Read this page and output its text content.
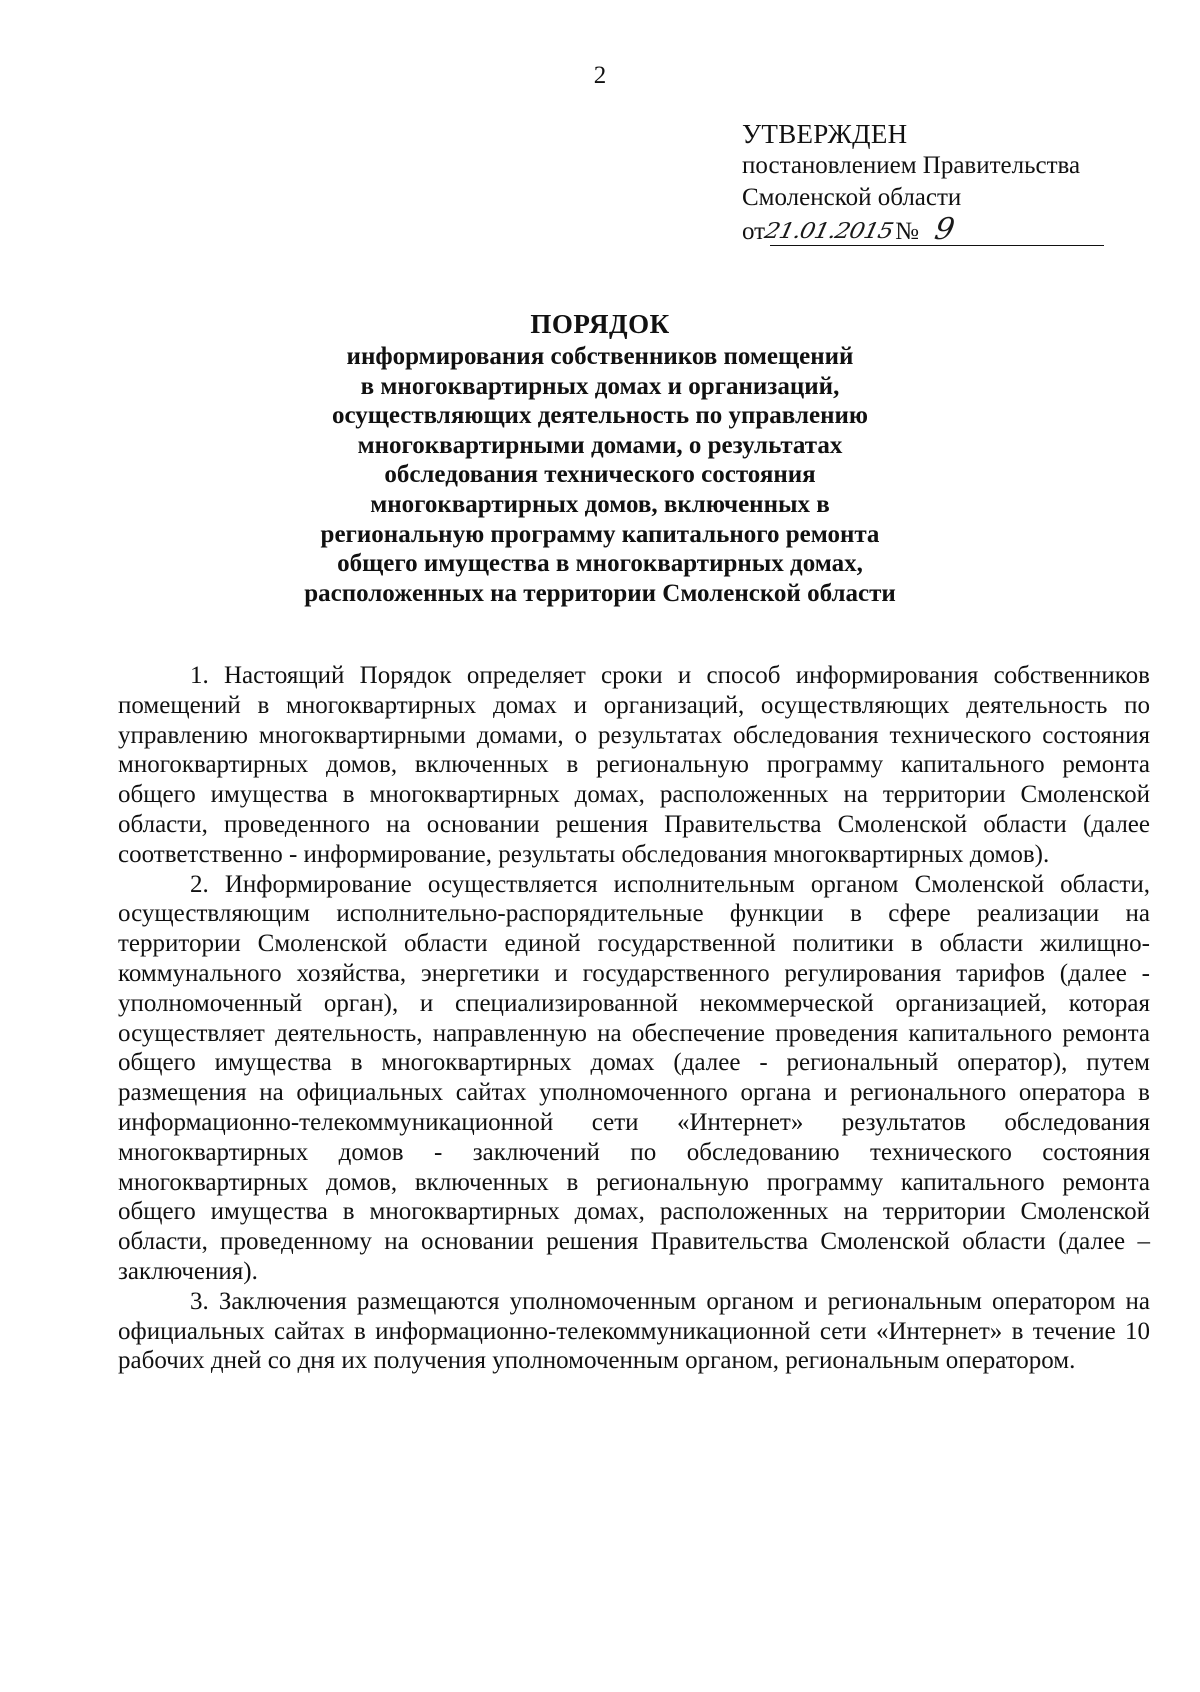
2
УТВЕРЖДЕН
постановлением Правительства
Смоленской области
от21.01.2015№ 9
ПОРЯДОК
информирования собственников помещений
в многоквартирных домах и организаций,
осуществляющих деятельность по управлению
многоквартирными домами, о результатах
обследования технического состояния
многоквартирных домов, включенных в
региональную программу капитального ремонта
общего имущества в многоквартирных домах,
расположенных на территории Смоленской области

1. Настоящий Порядок определяет сроки и способ информирования собственников помещений в многоквартирных домах и организаций, осуществляющих деятельность по управлению многоквартирными домами, о результатах обследования технического состояния многоквартирных домов, включенных в региональную программу капитального ремонта общего имущества в многоквартирных домах, расположенных на территории Смоленской области, проведенного на основании решения Правительства Смоленской области (далее соответственно - информирование, результаты обследования многоквартирных домов).

2. Информирование осуществляется исполнительным органом Смоленской области, осуществляющим исполнительно-распорядительные функции в сфере реализации на территории Смоленской области единой государственной политики в области жилищно-коммунального хозяйства, энергетики и государственного регулирования тарифов (далее - уполномоченный орган), и специализированной некоммерческой организацией, которая осуществляет деятельность, направленную на обеспечение проведения капитального ремонта общего имущества в многоквартирных домах (далее - региональный оператор), путем размещения на официальных сайтах уполномоченного органа и регионального оператора в информационно-телекоммуникационной сети «Интернет» результатов обследования многоквартирных домов - заключений по обследованию технического состояния многоквартирных домов, включенных в региональную программу капитального ремонта общего имущества в многоквартирных домах, расположенных на территории Смоленской области, проведенному на основании решения Правительства Смоленской области (далее – заключения).

3. Заключения размещаются уполномоченным органом и региональным оператором на официальных сайтах в информационно-телекоммуникационной сети «Интернет» в течение 10 рабочих дней со дня их получения уполномоченным органом, региональным оператором.
